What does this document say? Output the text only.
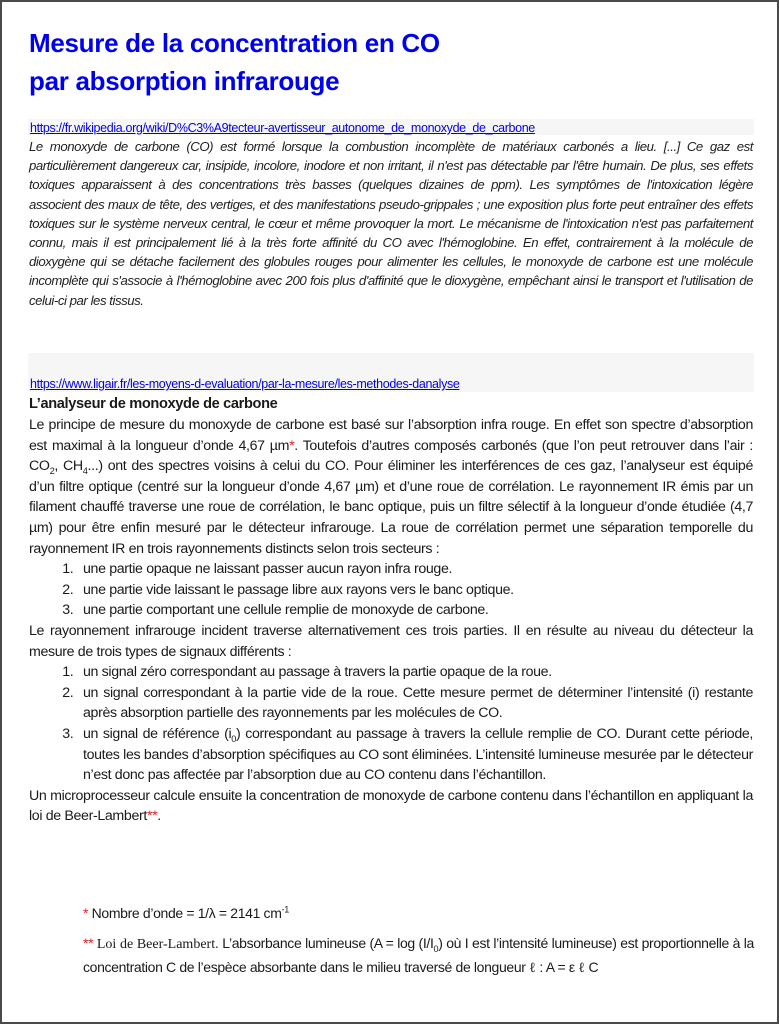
Mesure de la concentration en CO
par absorption infrarouge
https://fr.wikipedia.org/wiki/D%C3%A9tecteur-avertisseur_autonome_de_monoxyde_de_carbone

Le monoxyde de carbone (CO) est formé lorsque la combustion incomplète de matériaux carbonés a lieu. [...] Ce gaz est particulièrement dangereux car, insipide, incolore, inodore et non irritant, il n'est pas détectable par l'être humain. De plus, ses effets toxiques apparaissent à des concentrations très basses (quelques dizaines de ppm). Les symptômes de l'intoxication légère associent des maux de tête, des vertiges, et des manifestations pseudo-grippales ; une exposition plus forte peut entraîner des effets toxiques sur le système nerveux central, le cœur et même provoquer la mort. Le mécanisme de l'intoxication n'est pas parfaitement connu, mais il est principalement lié à la très forte affinité du CO avec l'hémoglobine. En effet, contrairement à la molécule de dioxygène qui se détache facilement des globules rouges pour alimenter les cellules, le monoxyde de carbone est une molécule incomplète qui s'associe à l'hémoglobine avec 200 fois plus d'affinité que le dioxygène, empêchant ainsi le transport et l'utilisation de celui-ci par les tissus.

https://www.ligair.fr/les-moyens-d-evaluation/par-la-mesure/les-methodes-danalyse
L’analyseur de monoxyde de carbone

Le principe de mesure du monoxyde de carbone est basé sur l’absorption infra rouge. En effet son spectre d’absorption est maximal à la longueur d’onde 4,67 µm*. Toutefois d’autres composés carbonés (que l’on peut retrouver dans l’air : $CO_2$, $CH_4$...) ont des spectres voisins à celui du CO. Pour éliminer les interférences de ces gaz, l’analyseur est équipé d’un filtre optique (centré sur la longueur d’onde 4,67 µm) et d’une roue de corrélation. Le rayonnement IR émis par un filament chauffé traverse une roue de corrélation, le banc optique, puis un filtre sélectif à la longueur d’onde étudiée (4,7 µm) pour être enfin mesuré par le détecteur infrarouge. La roue de corrélation permet une séparation temporelle du rayonnement IR en trois rayonnements distincts selon trois secteurs :

1. une partie opaque ne laissant passer aucun rayon infra rouge.
2. une partie vide laissant le passage libre aux rayons vers le banc optique.
3. une partie comportant une cellule remplie de monoxyde de carbone.

Le rayonnement infrarouge incident traverse alternativement ces trois parties. Il en résulte au niveau du détecteur la mesure de trois types de signaux différents :

1. un signal zéro correspondant au passage à travers la partie opaque de la roue.
2. un signal correspondant à la partie vide de la roue. Cette mesure permet de déterminer l’intensité (i) restante après absorption partielle des rayonnements par les molécules de CO.
3. un signal de référence $(i_0)$ correspondant au passage à travers la cellule remplie de CO. Durant cette période, toutes les bandes d’absorption spécifiques au CO sont éliminées. L’intensité lumineuse mesurée par le détecteur n’est donc pas affectée par l’absorption due au CO contenu dans l’échantillon.

Un microprocesseur calcule ensuite la concentration de monoxyde de carbone contenu dans l’échantillon en appliquant la loi de Beer-Lambert**.

* Nombre d’onde = 1/λ = 2141 $cm^{-1}$

** Loi de Beer-Lambert. L’absorbance lumineuse ($A = \log (I/I_0)$ où I est l’intensité lumineuse) est proportionnelle à la concentration C de l’espèce absorbante dans le milieu traversé de longueur ℓ : A = ε ℓ C
